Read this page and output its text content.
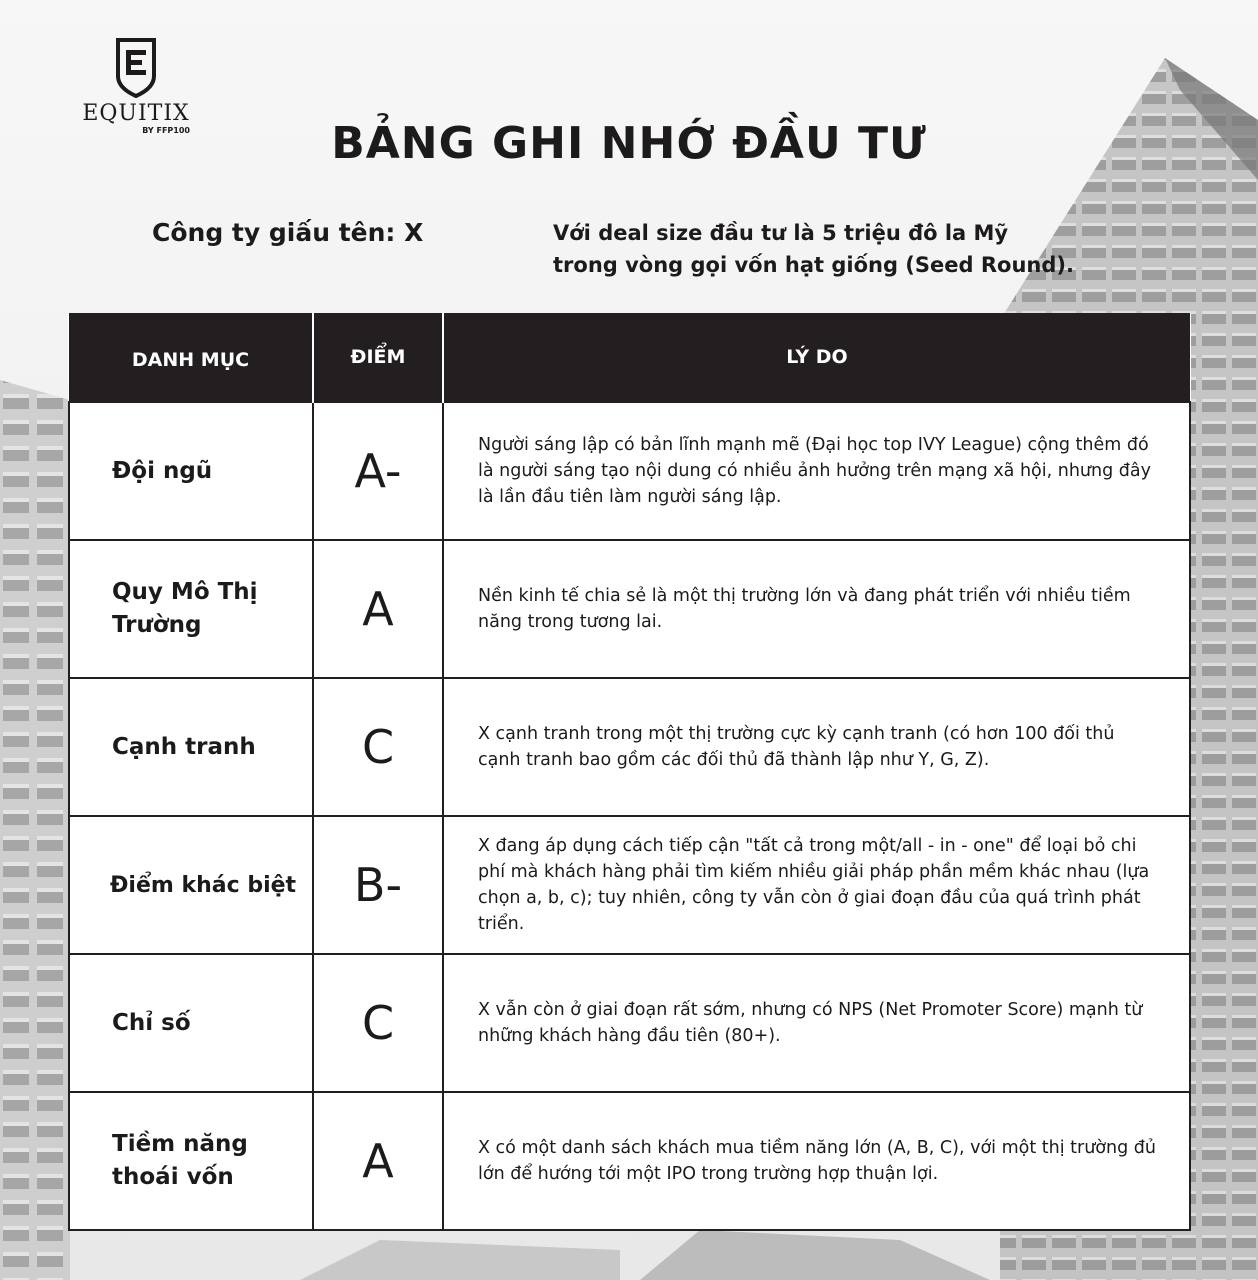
EQUITIX
BY FFP100	BẢNG GHI NHỚ ĐẦU TƯ
Công ty giấu tên: X	Với deal size đầu tư là 5 triệu đô la Mỹ
trong vòng gọi vốn hạt giống (Seed Round).
DANH MỤC	ĐIỂM	LÝ DO
Đội ngũ	A-	Người sáng lập có bản lĩnh mạnh mẽ (Đại học top IVY League) cộng thêm đó là người sáng tạo nội dung có nhiều ảnh hưởng trên mạng xã hội, nhưng đây là lần đầu tiên làm người sáng lập.
Quy Mô Thị Trường	A	Nền kinh tế chia sẻ là một thị trường lớn và đang phát triển với nhiều tiềm năng trong tương lai.
Cạnh tranh	C	X cạnh tranh trong một thị trường cực kỳ cạnh tranh (có hơn 100 đối thủ cạnh tranh bao gồm các đối thủ đã thành lập như Y, G, Z).
Điểm khác biệt	B-	X đang áp dụng cách tiếp cận "tất cả trong một/all - in - one" để loại bỏ chi phí mà khách hàng phải tìm kiếm nhiều giải pháp phần mềm khác nhau (lựa chọn a, b, c); tuy nhiên, công ty vẫn còn ở giai đoạn đầu của quá trình phát triển.
Chỉ số	C	X vẫn còn ở giai đoạn rất sớm, nhưng có NPS (Net Promoter Score) mạnh từ những khách hàng đầu tiên (80+).
Tiềm năng thoái vốn	A	X có một danh sách khách mua tiềm năng lớn (A, B, C), với một thị trường đủ lớn để hướng tới một IPO trong trường hợp thuận lợi.
